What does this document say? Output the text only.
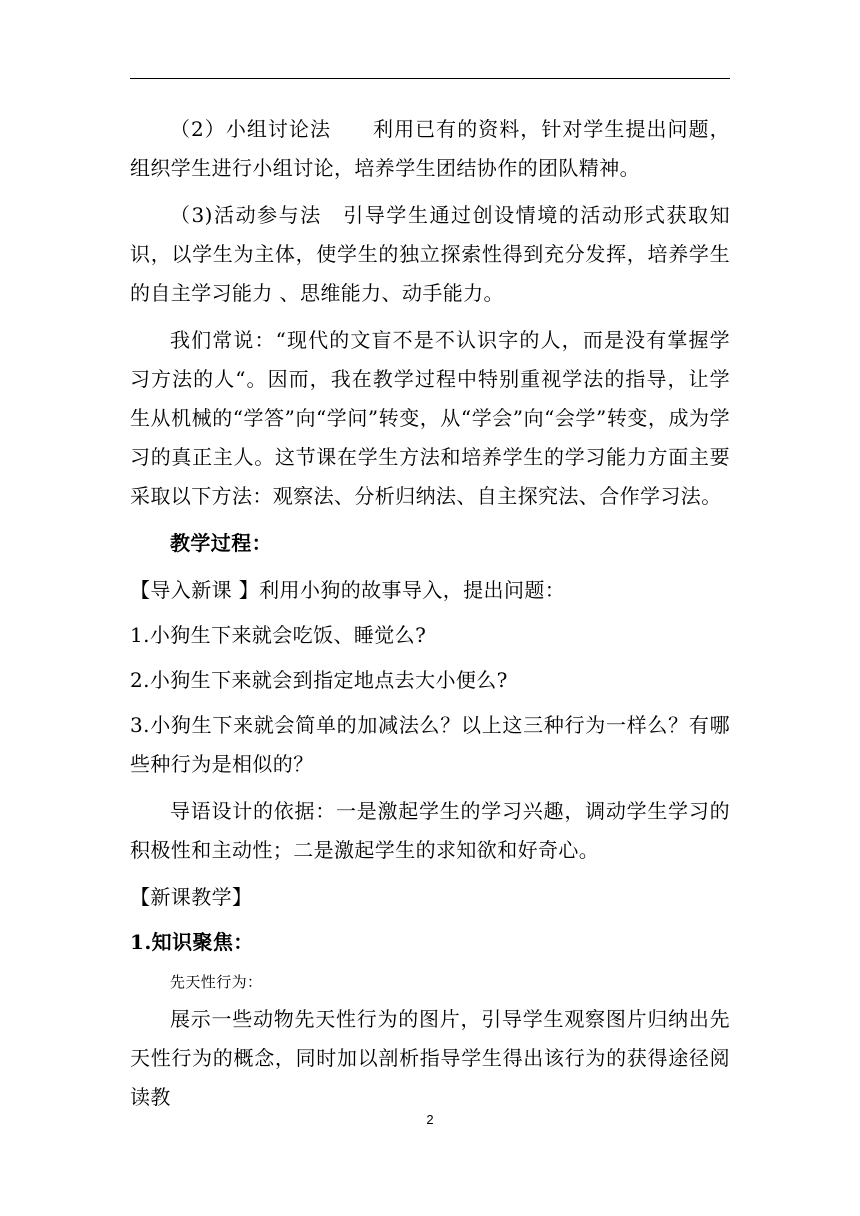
（2）小组讨论法　　利用已有的资料，针对学生提出问题，组织学生进行小组讨论，培养学生团结协作的团队精神。

（3)活动参与法　引导学生通过创设情境的活动形式获取知识，以学生为主体，使学生的独立探索性得到充分发挥，培养学生的自主学习能力 、思维能力、动手能力。

我们常说：“现代的文盲不是不认识字的人，而是没有掌握学习方法的人“。因而，我在教学过程中特别重视学法的指导，让学生从机械的“学答”向“学问”转变，从“学会”向“会学”转变，成为学习的真正主人。这节课在学生方法和培养学生的学习能力方面主要采取以下方法：观察法、分析归纳法、自主探究法、合作学习法。

教学过程：

【导入新课 】利用小狗的故事导入，提出问题：

1.小狗生下来就会吃饭、睡觉么?

2.小狗生下来就会到指定地点去大小便么?

3.小狗生下来就会简单的加减法么？以上这三种行为一样么？有哪些种行为是相似的？

导语设计的依据：一是激起学生的学习兴趣，调动学生学习的积极性和主动性；二是激起学生的求知欲和好奇心。

【新课教学】

1.知识聚焦：

先天性行为：

展示一些动物先天性行为的图片，引导学生观察图片归纳出先天性行为的概念，同时加以剖析指导学生得出该行为的获得途径阅读教

2
